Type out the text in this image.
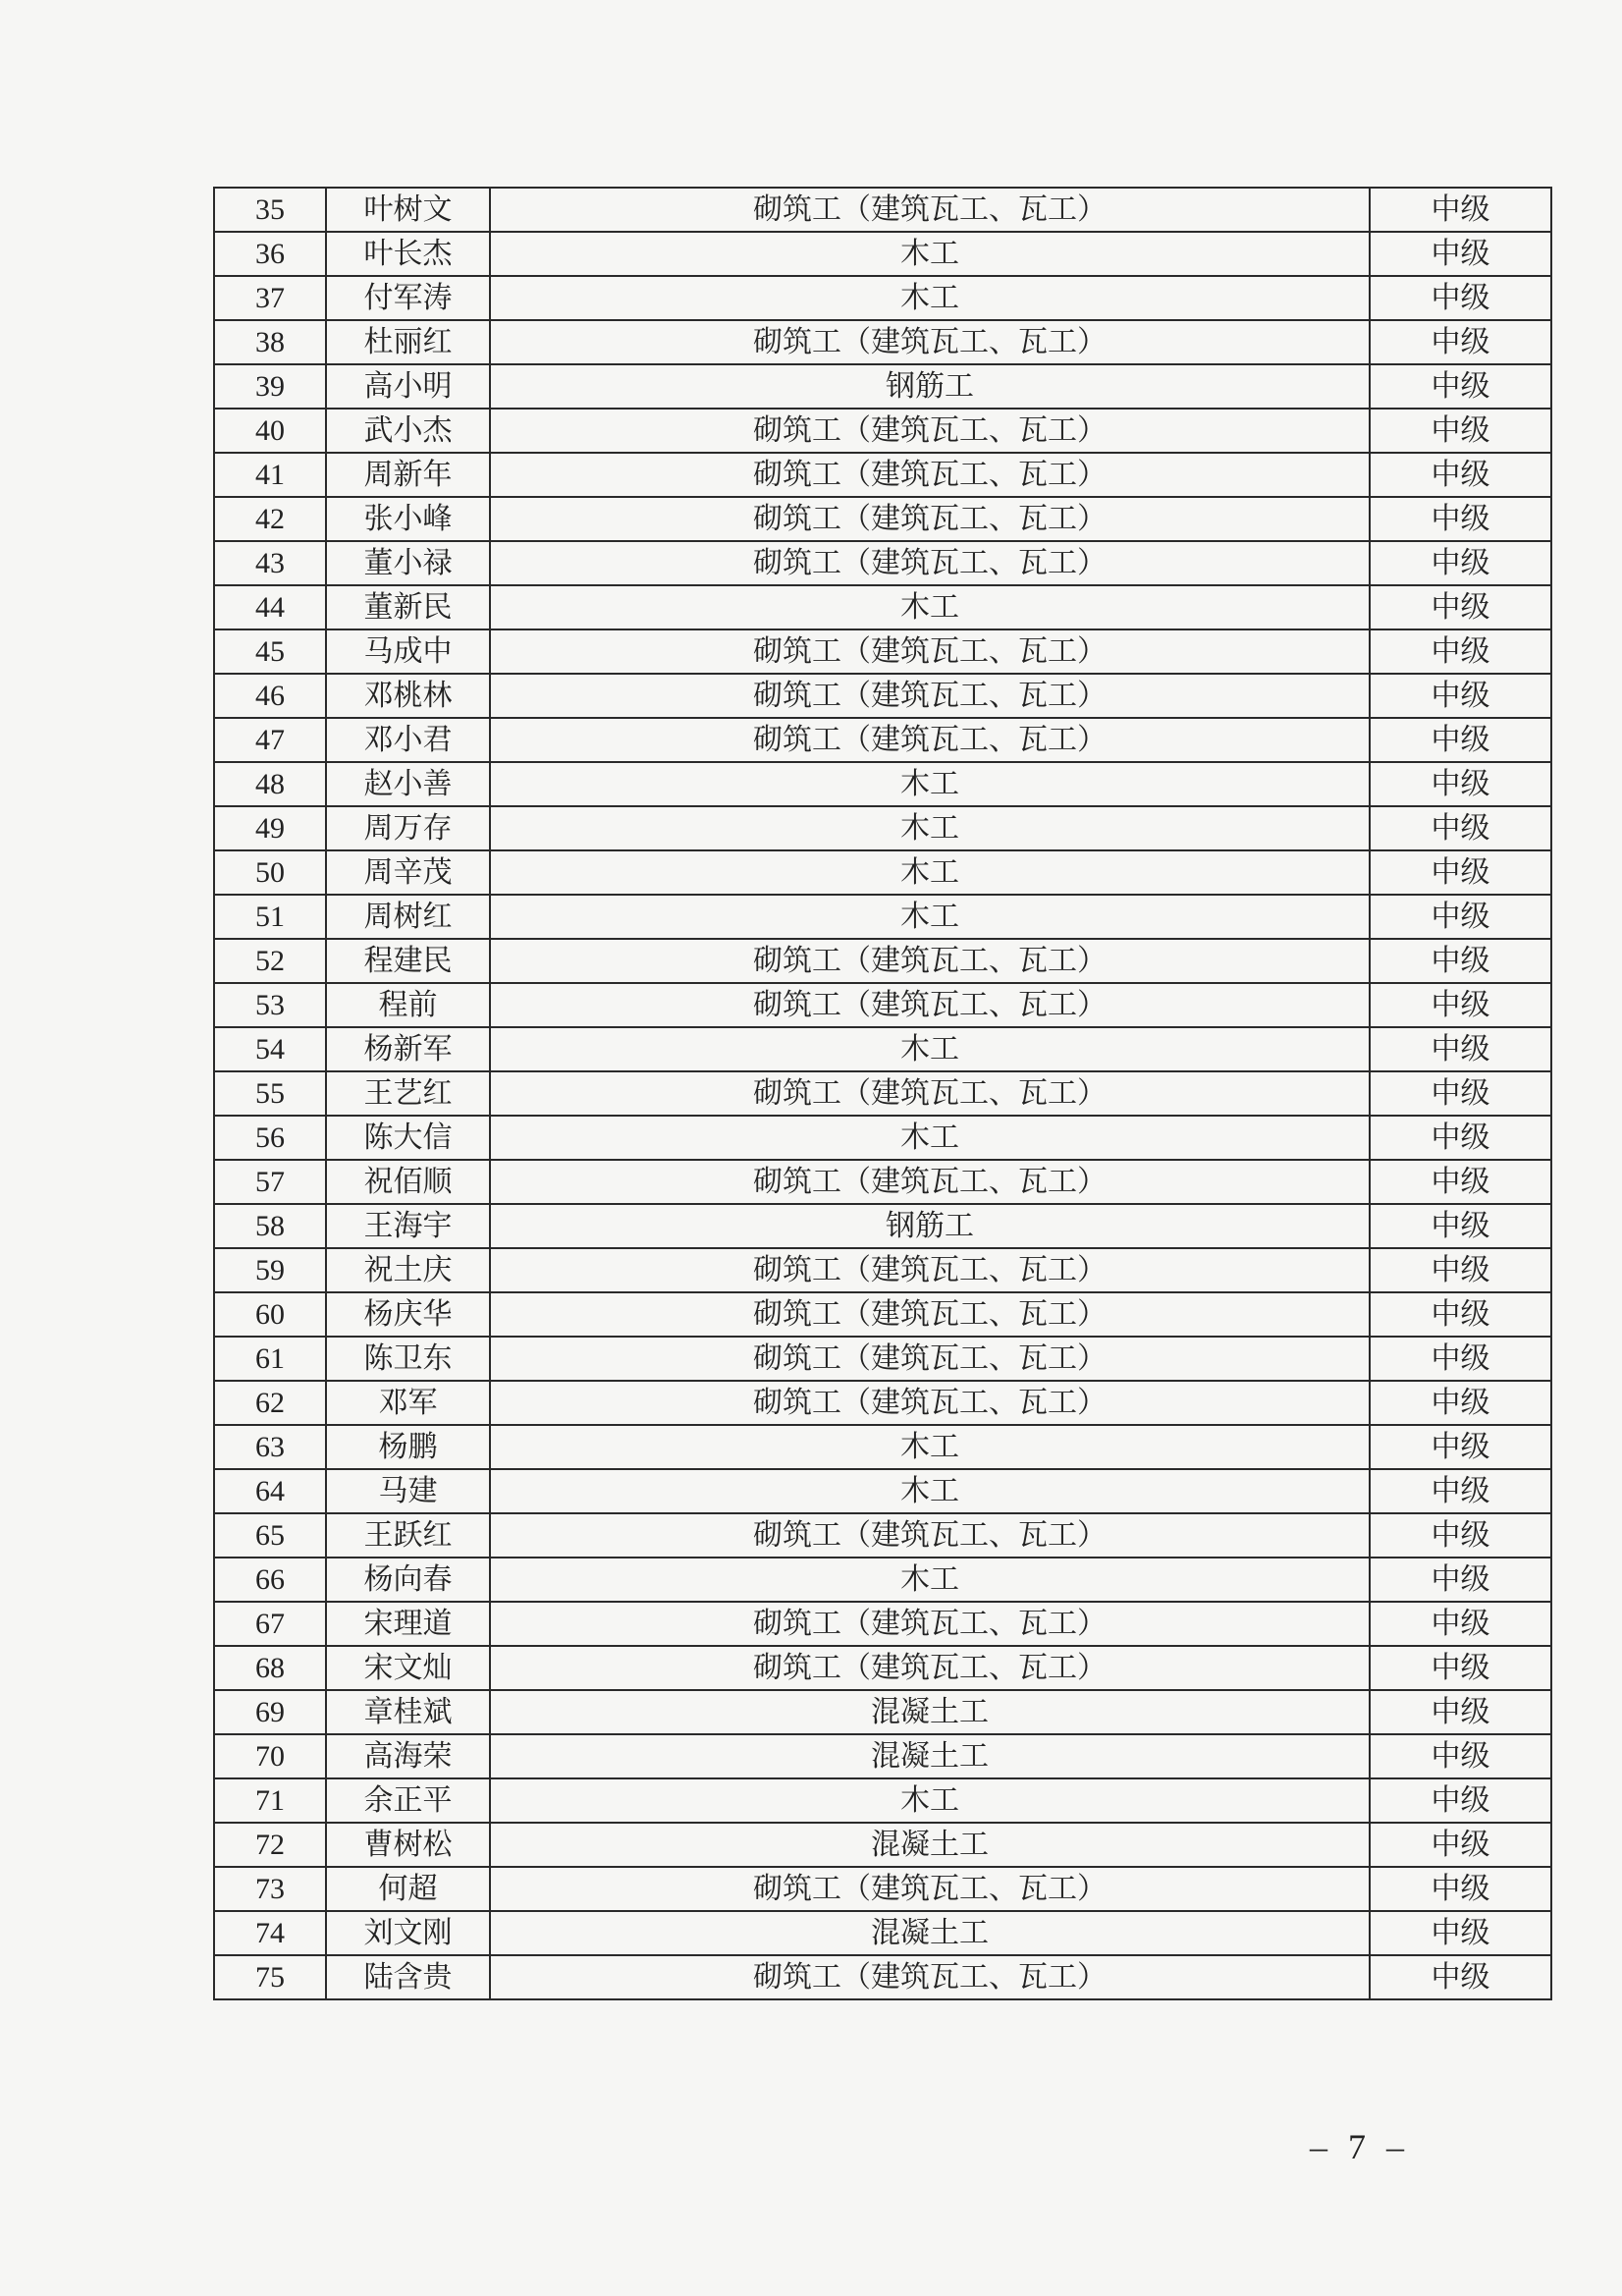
35	叶树文	砌筑工（建筑瓦工、瓦工）	中级
36	叶长杰	木工	中级
37	付军涛	木工	中级
38	杜丽红	砌筑工（建筑瓦工、瓦工）	中级
39	高小明	钢筋工	中级
40	武小杰	砌筑工（建筑瓦工、瓦工）	中级
41	周新年	砌筑工（建筑瓦工、瓦工）	中级
42	张小峰	砌筑工（建筑瓦工、瓦工）	中级
43	董小禄	砌筑工（建筑瓦工、瓦工）	中级
44	董新民	木工	中级
45	马成中	砌筑工（建筑瓦工、瓦工）	中级
46	邓桃林	砌筑工（建筑瓦工、瓦工）	中级
47	邓小君	砌筑工（建筑瓦工、瓦工）	中级
48	赵小善	木工	中级
49	周万存	木工	中级
50	周辛茂	木工	中级
51	周树红	木工	中级
52	程建民	砌筑工（建筑瓦工、瓦工）	中级
53	程前	砌筑工（建筑瓦工、瓦工）	中级
54	杨新军	木工	中级
55	王艺红	砌筑工（建筑瓦工、瓦工）	中级
56	陈大信	木工	中级
57	祝佰顺	砌筑工（建筑瓦工、瓦工）	中级
58	王海宇	钢筋工	中级
59	祝土庆	砌筑工（建筑瓦工、瓦工）	中级
60	杨庆华	砌筑工（建筑瓦工、瓦工）	中级
61	陈卫东	砌筑工（建筑瓦工、瓦工）	中级
62	邓军	砌筑工（建筑瓦工、瓦工）	中级
63	杨鹏	木工	中级
64	马建	木工	中级
65	王跃红	砌筑工（建筑瓦工、瓦工）	中级
66	杨向春	木工	中级
67	宋理道	砌筑工（建筑瓦工、瓦工）	中级
68	宋文灿	砌筑工（建筑瓦工、瓦工）	中级
69	章桂斌	混凝土工	中级
70	高海荣	混凝土工	中级
71	余正平	木工	中级
72	曹树松	混凝土工	中级
73	何超	砌筑工（建筑瓦工、瓦工）	中级
74	刘文刚	混凝土工	中级
75	陆含贵	砌筑工（建筑瓦工、瓦工）	中级
– 7 –
